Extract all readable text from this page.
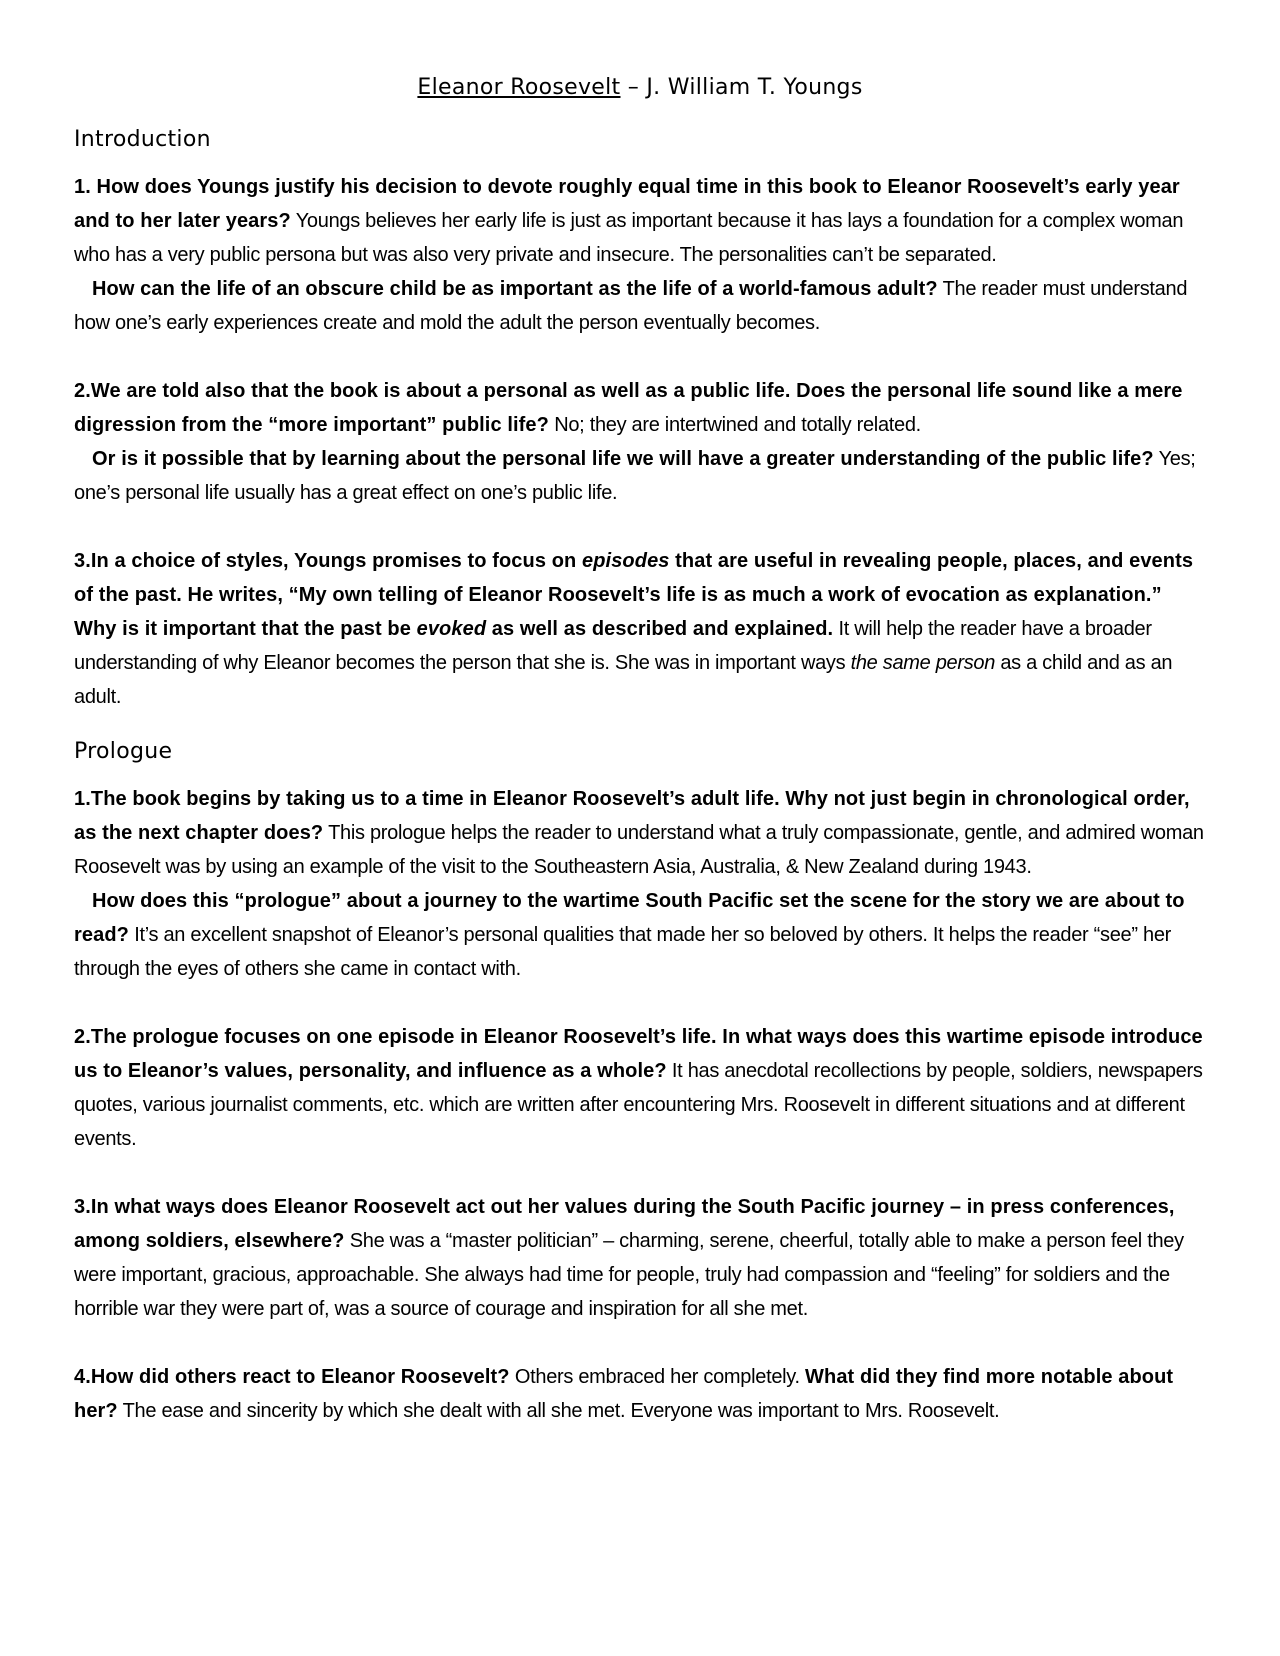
Eleanor Roosevelt – J. William T. Youngs
Introduction

1. How does Youngs justify his decision to devote roughly equal time in this book to Eleanor Roosevelt’s early year and to her later years? Youngs believes her early life is just as important because it has lays a foundation for a complex woman who has a very public persona but was also very private and insecure. The personalities can’t be separated.

How can the life of an obscure child be as important as the life of a world-famous adult? The reader must understand how one’s early experiences create and mold the adult the person eventually becomes.

2.We are told also that the book is about a personal as well as a public life. Does the personal life sound like a mere digression from the “more important” public life? No; they are intertwined and totally related.

Or is it possible that by learning about the personal life we will have a greater understanding of the public life? Yes; one’s personal life usually has a great effect on one’s public life.

3.In a choice of styles, Youngs promises to focus on episodes that are useful in revealing people, places, and events of the past. He writes, “My own telling of Eleanor Roosevelt’s life is as much a work of evocation as explanation.” Why is it important that the past be evoked as well as described and explained. It will help the reader have a broader understanding of why Eleanor becomes the person that she is. She was in important ways the same person as a child and as an adult.

Prologue

1.The book begins by taking us to a time in Eleanor Roosevelt’s adult life. Why not just begin in chronological order, as the next chapter does? This prologue helps the reader to understand what a truly compassionate, gentle, and admired woman Roosevelt was by using an example of the visit to the Southeastern Asia, Australia, & New Zealand during 1943.

How does this “prologue” about a journey to the wartime South Pacific set the scene for the story we are about to read? It’s an excellent snapshot of Eleanor’s personal qualities that made her so beloved by others. It helps the reader “see” her through the eyes of others she came in contact with.

2.The prologue focuses on one episode in Eleanor Roosevelt’s life. In what ways does this wartime episode introduce us to Eleanor’s values, personality, and influence as a whole? It has anecdotal recollections by people, soldiers, newspapers quotes, various journalist comments, etc. which are written after encountering Mrs. Roosevelt in different situations and at different events.

3.In what ways does Eleanor Roosevelt act out her values during the South Pacific journey – in press conferences, among soldiers, elsewhere? She was a “master politician” – charming, serene, cheerful, totally able to make a person feel they were important, gracious, approachable. She always had time for people, truly had compassion and “feeling” for soldiers and the horrible war they were part of, was a source of courage and inspiration for all she met.

4.How did others react to Eleanor Roosevelt? Others embraced her completely. What did they find more notable about her? The ease and sincerity by which she dealt with all she met. Everyone was important to Mrs. Roosevelt.
